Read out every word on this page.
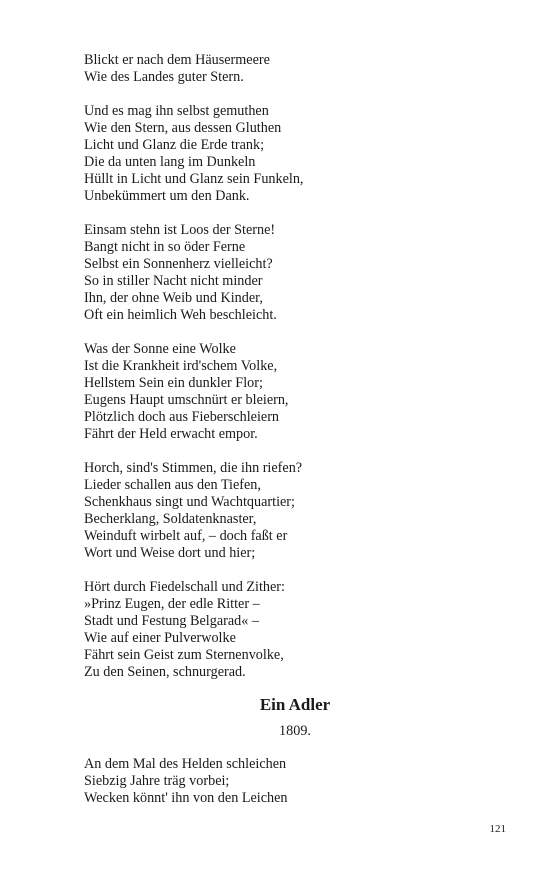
Blickt er nach dem Häusermeere
Wie des Landes guter Stern.
Und es mag ihn selbst gemuthen
Wie den Stern, aus dessen Gluthen
Licht und Glanz die Erde trank;
Die da unten lang im Dunkeln
Hüllt in Licht und Glanz sein Funkeln,
Unbekümmert um den Dank.
Einsam stehn ist Loos der Sterne!
Bangt nicht in so öder Ferne
Selbst ein Sonnenherz vielleicht?
So in stiller Nacht nicht minder
Ihn, der ohne Weib und Kinder,
Oft ein heimlich Weh beschleicht.
Was der Sonne eine Wolke
Ist die Krankheit ird'schem Volke,
Hellstem Sein ein dunkler Flor;
Eugens Haupt umschnürt er bleiern,
Plötzlich doch aus Fieberschleiern
Fährt der Held erwacht empor.
Horch, sind's Stimmen, die ihn riefen?
Lieder schallen aus den Tiefen,
Schenkhaus singt und Wachtquartier;
Becherklang, Soldatenknaster,
Weinduft wirbelt auf, – doch faßt er
Wort und Weise dort und hier;
Hört durch Fiedelschall und Zither:
»Prinz Eugen, der edle Ritter –
Stadt und Festung Belgarad« –
Wie auf einer Pulverwolke
Fährt sein Geist zum Sternenvolke,
Zu den Seinen, schnurgerad.
Ein Adler
1809.
An dem Mal des Helden schleichen
Siebzig Jahre träg vorbei;
Wecken könnt' ihn von den Leichen
121
